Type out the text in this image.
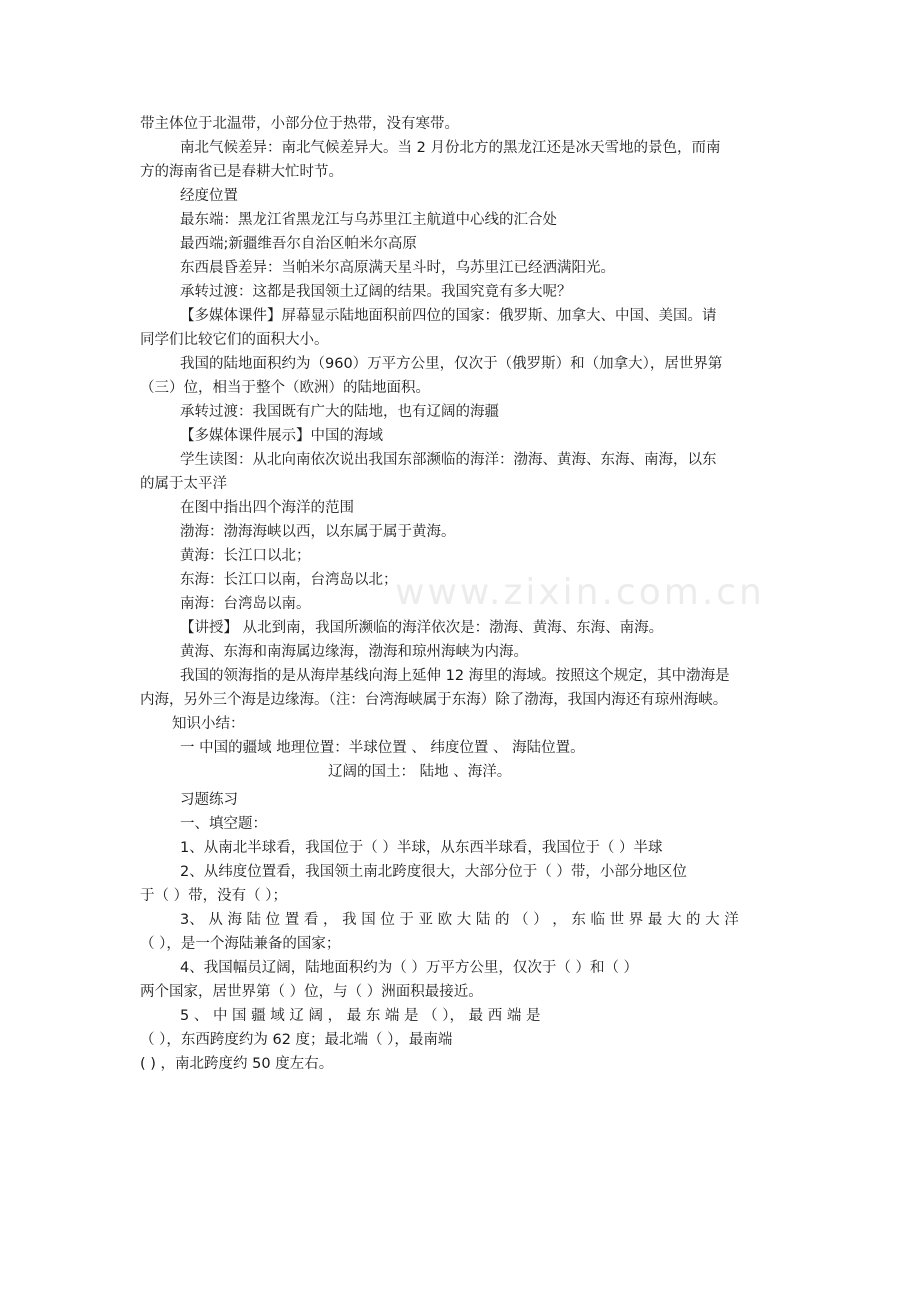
www.zixin.com.cn
带主体位于北温带，小部分位于热带，没有寒带。
南北气候差异：南北气候差异大。当 2 月份北方的黑龙江还是冰天雪地的景色，而南
方的海南省已是春耕大忙时节。
经度位置
最东端：黑龙江省黑龙江与乌苏里江主航道中心线的汇合处
最西端;新疆维吾尔自治区帕米尔高原
东西晨昏差异：当帕米尔高原满天星斗时，乌苏里江已经洒满阳光。
承转过渡：这都是我国领土辽阔的结果。我国究竟有多大呢？
【多媒体课件】屏幕显示陆地面积前四位的国家：俄罗斯、加拿大、中国、美国。请
同学们比较它们的面积大小。
我国的陆地面积约为（960）万平方公里，仅次于（俄罗斯）和（加拿大），居世界第
（三）位，相当于整个（欧洲）的陆地面积。
承转过渡：我国既有广大的陆地，也有辽阔的海疆
【多媒体课件展示】中国的海域
学生读图：从北向南依次说出我国东部濒临的海洋：渤海、黄海、东海、南海，以东
的属于太平洋
在图中指出四个海洋的范围
渤海：渤海海峡以西，以东属于属于黄海。
黄海：长江口以北；
东海：长江口以南，台湾岛以北；
南海：台湾岛以南。
【讲授】 从北到南，我国所濒临的海洋依次是：渤海、黄海、东海、南海。
黄海、东海和南海属边缘海，渤海和琼州海峡为内海。
我国的领海指的是从海岸基线向海上延伸 12 海里的海域。按照这个规定，其中渤海是
内海，另外三个海是边缘海。（注：台湾海峡属于东海）除了渤海，我国内海还有琼州海峡。
知识小结：
一 中国的疆域 地理位置：半球位置 、 纬度位置 、 海陆位置。
辽阔的国土： 陆地 、海洋。
习题练习
一、填空题：
1、从南北半球看，我国位于（ ）半球，从东西半球看，我国位于（ ）半球
2、从纬度位置看，我国领土南北跨度很大，大部分位于（ ）带，小部分地区位
于（ ）带，没有（ ）；
3、 从 海 陆 位 置 看 ， 我 国 位 于 亚 欧 大 陆 的 （ ） ， 东 临 世 界 最 大 的 大 洋
（ ），是一个海陆兼备的国家；
4、我国幅员辽阔，陆地面积约为（ ）万平方公里，仅次于（ ）和（ ）
两个国家，居世界第（ ）位，与（ ）洲面积最接近。
5 、 中 国 疆 域 辽 阔 ， 最 东 端 是 （ ）， 最 西 端 是
（ ），东西跨度约为 62 度；最北端（ ），最南端
( ) ，南北跨度约 50 度左右。
